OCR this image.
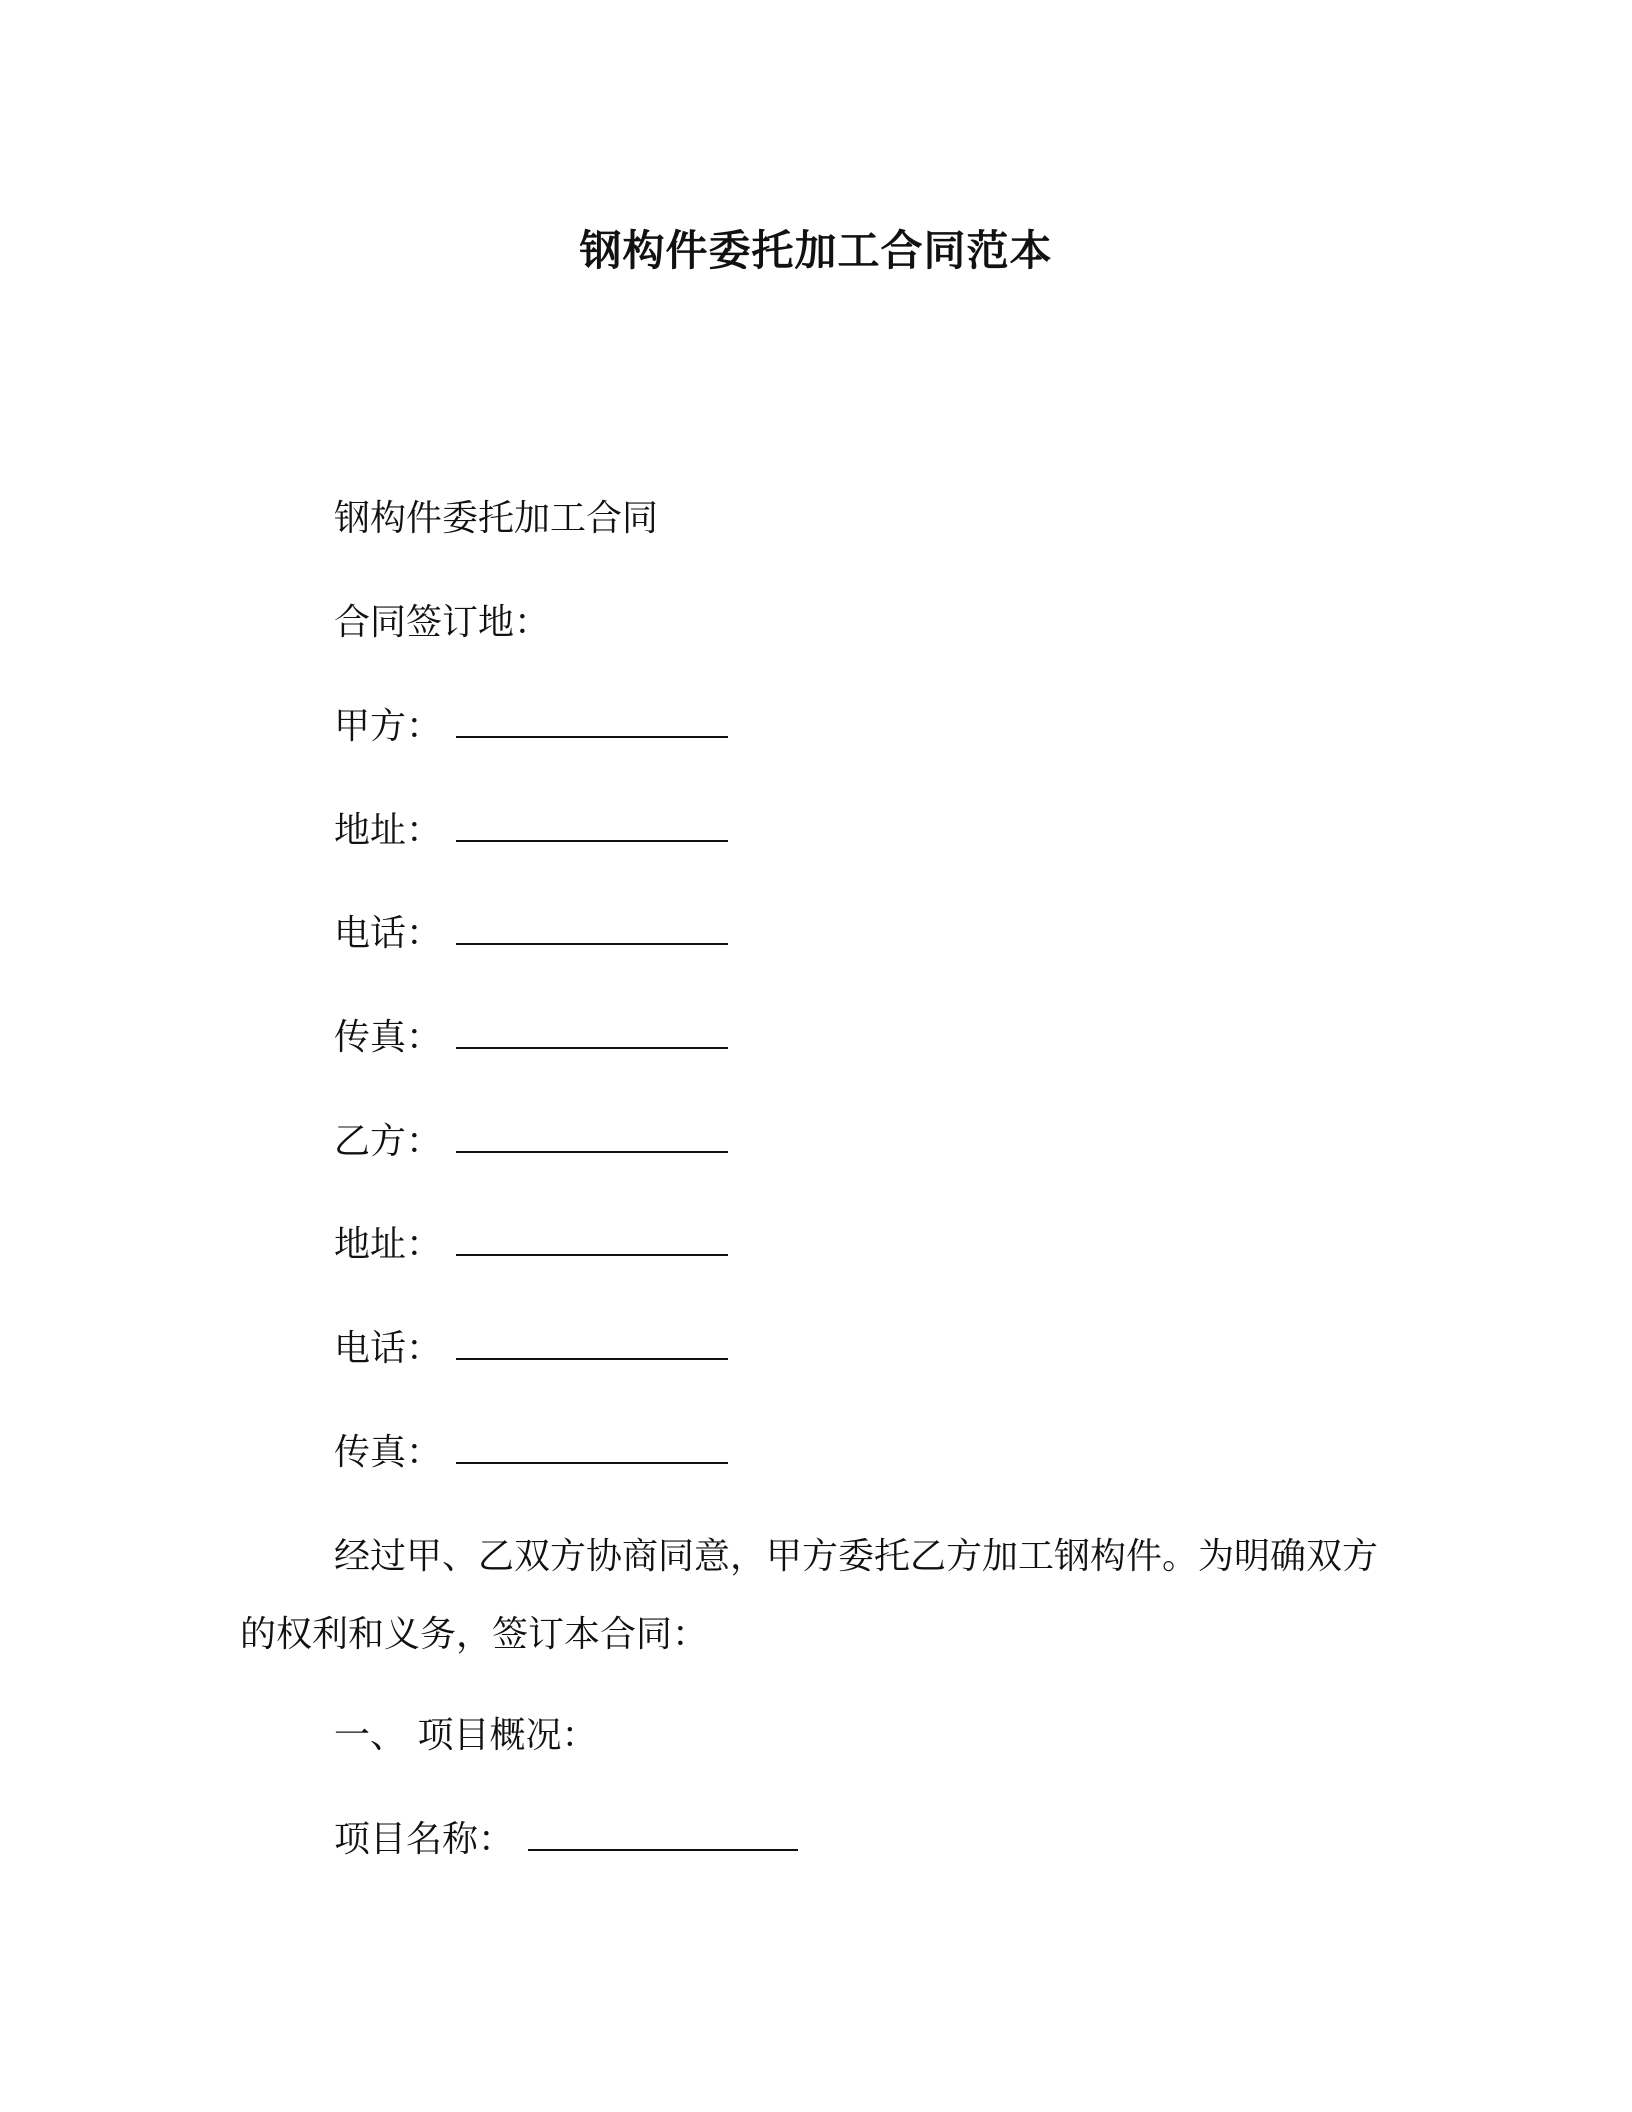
钢构件委托加工合同范本
钢构件委托加工合同
合同签订地：
甲方：
地址：
电话：
传真：
乙方：
地址：
电话：
传真：
经过甲、乙双方协商同意，甲方委托乙方加工钢构件。为明确双方的权利和义务，签订本合同：
一、 项目概况：
项目名称：
